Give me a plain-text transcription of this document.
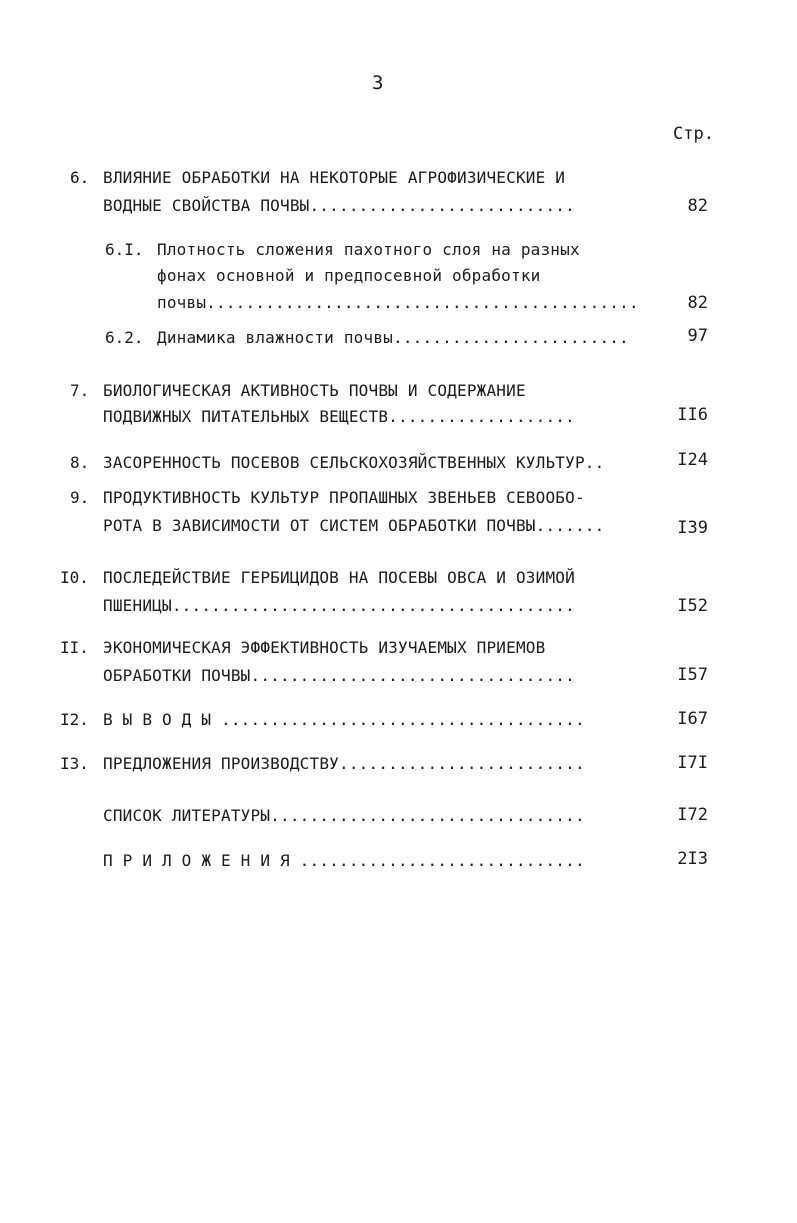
3
Стр.
6. ВЛИЯНИЕ ОБРАБОТКИ НА НЕКОТОРЫЕ АГРОФИЗИЧЕСКИЕ И
ВОДНЫЕ СВОЙСТВА ПОЧВЫ...........................	82
6.I. Плотность сложения пахотного слоя на разных
фонах основной и предпосевной обработки
почвы............................................	82
6.2. Динамика влажности почвы........................	97
7. БИОЛОГИЧЕСКАЯ АКТИВНОСТЬ ПОЧВЫ И СОДЕРЖАНИЕ
ПОДВИЖНЫХ ПИТАТЕЛЬНЫХ ВЕЩЕСТВ...................	II6
8. ЗАСОРЕННОСТЬ ПОСЕВОВ СЕЛЬСКОХОЗЯЙСТВЕННЫХ КУЛЬТУР..	I24
9. ПРОДУКТИВНОСТЬ КУЛЬТУР ПРОПАШНЫХ ЗВЕНЬЕВ СЕВООБО-
РОТА В ЗАВИСИМОСТИ ОТ СИСТЕМ ОБРАБОТКИ ПОЧВЫ.......	I39
I0. ПОСЛЕДЕЙСТВИЕ ГЕРБИЦИДОВ НА ПОСЕВЫ ОВСА И ОЗИМОЙ
ПШЕНИЦЫ.........................................	I52
II. ЭКОНОМИЧЕСКАЯ ЭФФЕКТИВНОСТЬ ИЗУЧАЕМЫХ ПРИЕМОВ
ОБРАБОТКИ ПОЧВЫ.................................	I57
I2. В Ы В О Д Ы .....................................	I67
I3. ПРЕДЛОЖЕНИЯ ПРОИЗВОДСТВУ.........................	I7I
СПИСОК ЛИТЕРАТУРЫ................................	I72
П Р И Л О Ж Е Н И Я .............................	2I3
